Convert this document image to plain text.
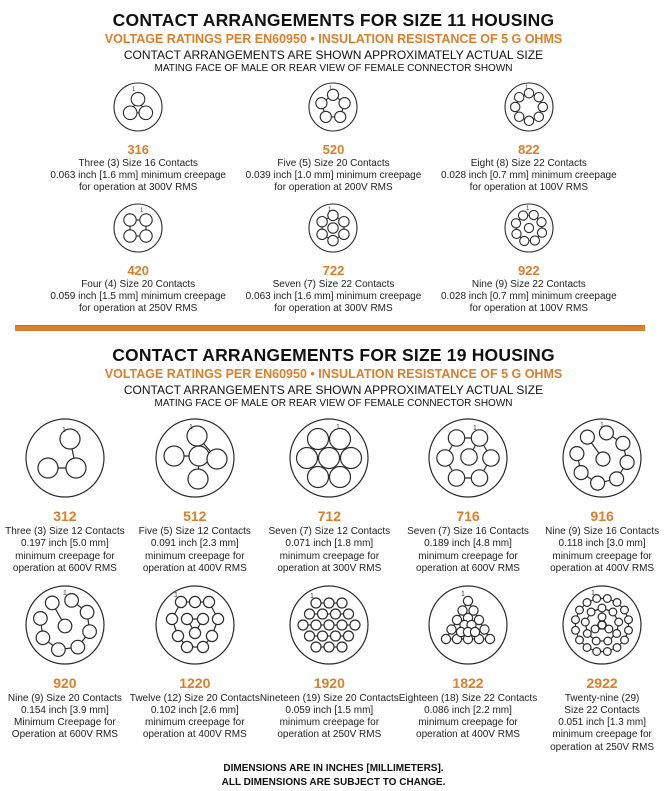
CONTACT ARRANGEMENTS FOR SIZE 11 HOUSING
VOLTAGE RATINGS PER EN60950 • INSULATION RESISTANCE OF 5 G OHMS
CONTACT ARRANGEMENTS ARE SHOWN APPROXIMATELY ACTUAL SIZE
MATING FACE OF MALE OR REAR VIEW OF FEMALE CONNECTOR SHOWN
1
316
Three (3) Size 16 Contacts
0.063 inch [1.6 mm] minimum creepage
for operation at 300V RMS
1
520
Five (5) Size 20 Contacts
0.039 inch [1.0 mm] minimum creepage
for operation at 200V RMS
1
822
Eight (8) Size 22 Contacts
0.028 inch [0.7 mm] minimum creepage
for operation at 100V RMS
1
420
Four (4) Size 20 Contacts
0.059 inch [1.5 mm] minimum creepage
for operation at 250V RMS
1
722
Seven (7) Size 22 Contacts
0.063 inch [1.6 mm] minimum creepage
for operation at 300V RMS
1
922
Nine (9) Size 22 Contacts
0.028 inch [0.7 mm] minimum creepage
for operation at 100V RMS
CONTACT ARRANGEMENTS FOR SIZE 19 HOUSING
VOLTAGE RATINGS PER EN60950 • INSULATION RESISTANCE OF 5 G OHMS
CONTACT ARRANGEMENTS ARE SHOWN APPROXIMATELY ACTUAL SIZE
MATING FACE OF MALE OR REAR VIEW OF FEMALE CONNECTOR SHOWN
1
312
Three (3) Size 12 Contacts
0.197 inch [5.0 mm]
minimum creepage for
operation at 600V RMS
1
512
Five (5) Size 12 Contacts
0.091 inch [2.3 mm]
minimum creepage for
operation at 400V RMS
1
712
Seven (7) Size 12 Contacts
0.071 inch [1.8 mm]
minimum creepage for
operation at 300V RMS
1
716
Seven (7) Size 16 Contacts
0.189 inch [4.8 mm]
minimum creepage for
operation at 600V RMS
1
916
Nine (9) Size 16 Contacts
0.118 inch [3.0 mm]
minimum creepage for
operation at 400V RMS
1
920
Nine (9) Size 20 Contacts
0.154 inch [3.9 mm]
Minimum Creepage for
Operation at 600V RMS
1
1220
Twelve (12) Size 20 Contacts
0.102 inch [2.6 mm]
minimum creepage for
operation at 400V RMS
1
1920
Nineteen (19) Size 20 Contacts
0.059 inch [1.5 mm]
minimum creepage for
operation at 250V RMS
1
1822
Eighteen (18) Size 22 Contacts
0.086 inch [2.2 mm]
minimum creepage for
operation at 400V RMS
1
2922
Twenty-nine (29)
Size 22 Contacts
0.051 inch [1.3 mm]
minimum creepage for
operation at 250V RMS
DIMENSIONS ARE IN INCHES [MILLIMETERS].
ALL DIMENSIONS ARE SUBJECT TO CHANGE.
